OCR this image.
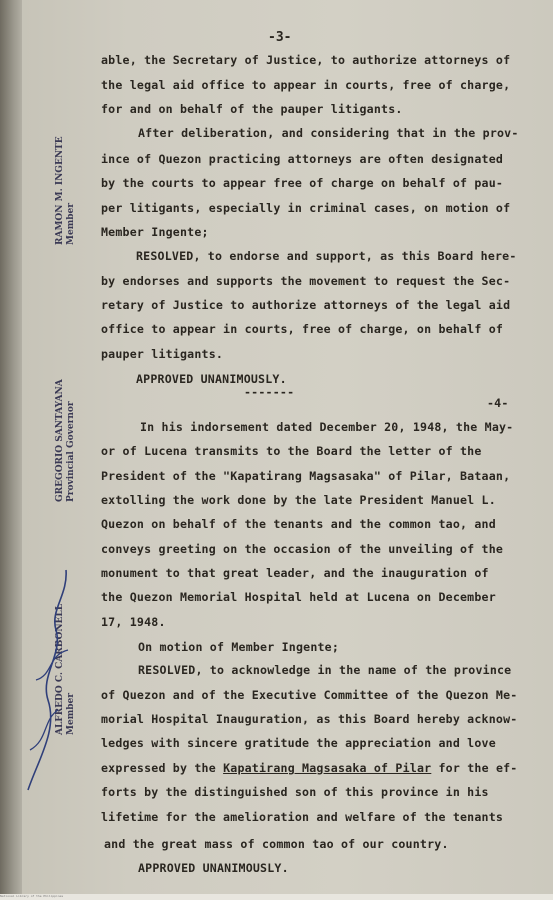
-3-
able, the Secretary of Justice, to authorize attorneys of
the legal aid office to appear in courts, free of charge,
for and on behalf of the pauper litigants.
After deliberation, and considering that in the prov-
ince of Quezon practicing attorneys are often designated
by the courts to appear free of charge on behalf of pau-
per litigants, especially in criminal cases, on motion of
Member Ingente;
RESOLVED, to endorse and support, as this Board here-
by endorses and supports the movement to request the Sec-
retary of Justice to authorize attorneys of the legal aid
office to appear in courts, free of charge, on behalf of
pauper litigants.
APPROVED UNANIMOUSLY.
-------
-4-
In his indorsement dated December 20, 1948, the May-
or of Lucena transmits to the Board the letter of the
President of the "Kapatirang Magsasaka" of Pilar, Bataan,
extolling the work done by the late President Manuel L.
Quezon on behalf of the tenants and the common tao, and
conveys greeting on the occasion of the unveiling of the
monument to that great leader, and the inauguration of
the Quezon Memorial Hospital held at Lucena on December
17, 1948.
On motion of Member Ingente;
RESOLVED, to acknowledge in the name of the province
of Quezon and of the Executive Committee of the Quezon Me-
morial Hospital Inauguration, as this Board hereby acknow-
ledges with sincere gratitude the appreciation and love
expressed by the Kapatirang Magsasaka of Pilar for the ef-
forts by the distinguished son of this province in his
lifetime for the amelioration and welfare of the tenants
and the great mass of common tao of our country.
APPROVED UNANIMOUSLY.
RAMON M. INGENTE Member
GREGORIO SANTAYANA Provincial Governor
ALFREDO C. CARBONELL Member
National Library of the Philippines
